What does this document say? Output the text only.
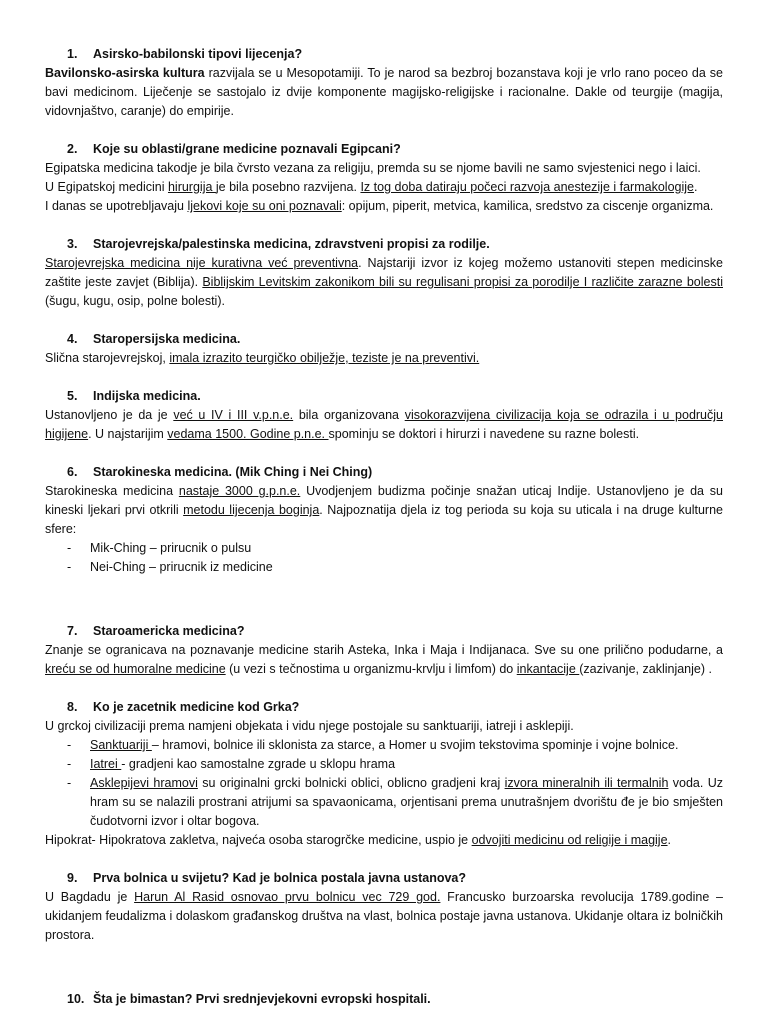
1. Asirsko-babilonski tipovi lijecenja?

Bavilonsko-asirska kultura razvijala se u Mesopotamiji. To je narod sa bezbroj bozanstava koji je vrlo rano poceo da se bavi medicinom. Liječenje se sastojalo iz dvije komponente magijsko-religijske i racionalne. Dakle od teurgije (magija, vidovnjaštvo, caranje) do empirije.

2. Koje su oblasti/grane medicine poznavali Egipcani?

Egipatska medicina takodje je bila čvrsto vezana za religiju, premda su se njome bavili ne samo svjestenici nego i laici.

U Egipatskoj medicini hirurgija je bila posebno razvijena. Iz tog doba datiraju počeci razvoja anestezije i farmakologije.

I danas se upotrebljavaju ljekovi koje su oni poznavali: opijum, piperit, metvica, kamilica, sredstvo za ciscenje organizma.

3. Starojevrejska/palestinska medicina, zdravstveni propisi za rodilje.

Starojevrejska medicina nije kurativna već preventivna. Najstariji izvor iz kojeg možemo ustanoviti stepen medicinske zaštite jeste zavjet (Biblija). Biblijskim Levitskim zakonikom bili su regulisani propisi za porodilje I različite zarazne bolesti (šugu, kugu, osip, polne bolesti).

4. Staropersijska medicina.

Slična starojevrejskoj, imala izrazito teurgičko obilježje, teziste je na preventivi.

5. Indijska medicina.

Ustanovljeno je da je već u IV i III v.p.n.e. bila organizovana visokorazvijena civilizacija koja se odrazila i u području higijene. U najstarijim vedama 1500. Godine p.n.e. spominju se doktori i hirurzi i navedene su razne bolesti.

6. Starokineska medicina. (Mik Ching i Nei Ching)

Starokineska medicina nastaje 3000 g.p.n.e. Uvodjenjem budizma počinje snažan uticaj Indije. Ustanovljeno je da su kineski ljekari prvi otkrili metodu lijecenja boginja. Najpoznatija djela iz tog perioda su koja su uticala i na druge kulturne sfere:

- Mik-Ching – prirucnik o pulsu
- Nei-Ching – prirucnik iz medicine

7. Staroamericka medicina?

Znanje se ogranicava na poznavanje medicine starih Asteka, Inka i Maja i Indijanaca. Sve su one prilično podudarne, a kreću se od humoralne medicine (u vezi s tečnostima u organizmu-krvlju i limfom) do inkantacije (zazivanje, zaklinjanje) .

8. Ko je zacetnik medicine kod Grka?

U grckoj civilizaciji prema namjeni objekata i vidu njege postojale su sanktuariji, iatreji i asklepiji.

- Sanktuariji – hramovi, bolnice ili sklonista za starce, a Homer u svojim tekstovima spominje i vojne bolnice.
- Iatrei - gradjeni kao samostalne zgrade u sklopu hrama
- Asklepijevi hramovi su originalni grcki bolnicki oblici, oblicno gradjeni kraj izvora mineralnih ili termalnih voda. Uz hram su se nalazili prostrani atrijumi sa spavaonicama, orjentisani prema unutrašnjem dvorištu đe je bio smješten čudotvorni izvor i oltar bogova.

Hipokrat- Hipokratova zakletva, najveća osoba starogrčke medicine, uspio je odvojiti medicinu od religije i magije.

9. Prva bolnica u svijetu? Kad je bolnica postala javna ustanova?

U Bagdadu je Harun Al Rasid osnovao prvu bolnicu vec 729 god. Francusko burzoarska revolucija 1789.godine – ukidanjem feudalizma i dolaskom građanskog društva na vlast, bolnica postaje javna ustanova. Ukidanje oltara iz bolničkih prostora.

10. Šta je bimastan? Prvi srednjevjekovni evropski hospitali.
